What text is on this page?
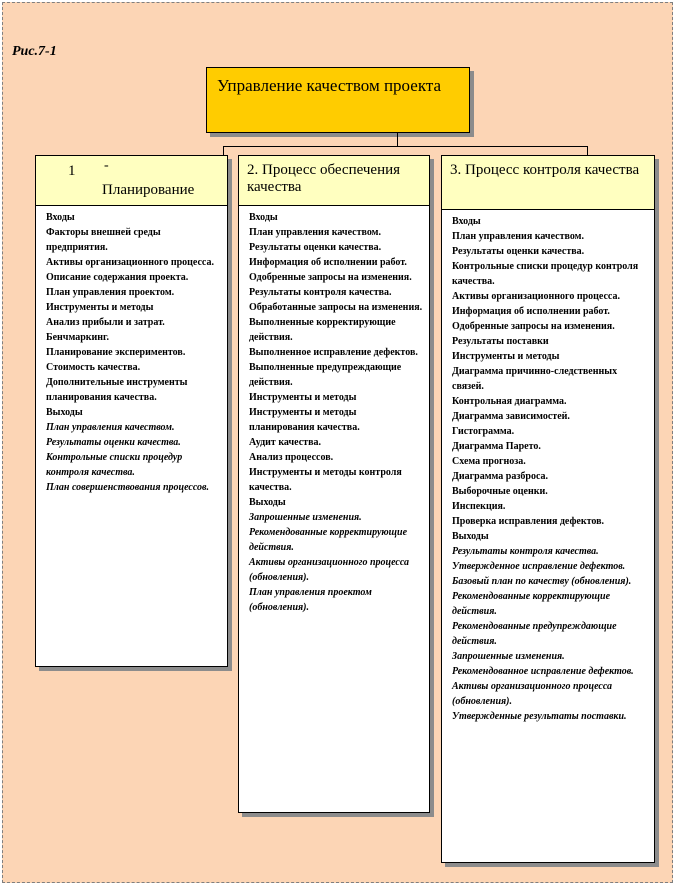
Рис.7-1
Управление качеством проекта
1 -
Планирование
Входы
Факторы внешней среды предприятия.
Активы организационного процесса.
Описание содержания проекта.
План управления проектом.
Инструменты и методы
Анализ прибыли и затрат.
Бенчмаркинг.
Планирование экспериментов.
Стоимость качества.
Дополнительные инструменты планирования качества.
Выходы
План управления качеством.
Результаты оценки качества.
Контрольные списки процедур контроля качества.
План совершенствования процессов.
2. Процесс обеспечения качества
Входы
План управления качеством.
Результаты оценки качества.
Информация об исполнении работ.
Одобренные запросы на изменения.
Результаты контроля качества.
Обработанные запросы на изменения.
Выполненные корректирующие действия.
Выполненное исправление дефектов.
Выполненные предупреждающие действия.
Инструменты и методы
Инструменты и методы планирования качества.
Аудит качества.
Анализ процессов.
Инструменты и методы контроля качества.
Выходы
Запрошенные изменения.
Рекомендованные корректирующие действия.
Активы организационного процесса (обновления).
План управления проектом (обновления).
3. Процесс контроля качества
Входы
План управления качеством.
Результаты оценки качества.
Контрольные списки процедур контроля качества.
Активы организационного процесса.
Информация об исполнении работ.
Одобренные запросы на изменения.
Результаты поставки
Инструменты и методы
Диаграмма причинно-следственных связей.
Контрольная диаграмма.
Диаграмма зависимостей.
Гистограмма.
Диаграмма Парето.
Схема прогноза.
Диаграмма разброса.
Выборочные оценки.
Инспекция.
Проверка исправления дефектов.
Выходы
Результаты контроля качества.
Утвержденное исправление дефектов.
Базовый план по качеству (обновления).
Рекомендованные корректирующие действия.
Рекомендованные предупреждающие действия.
Запрошенные изменения.
Рекомендованное исправление дефектов.
Активы организационного процесса (обновления).
Утвержденные результаты поставки.
